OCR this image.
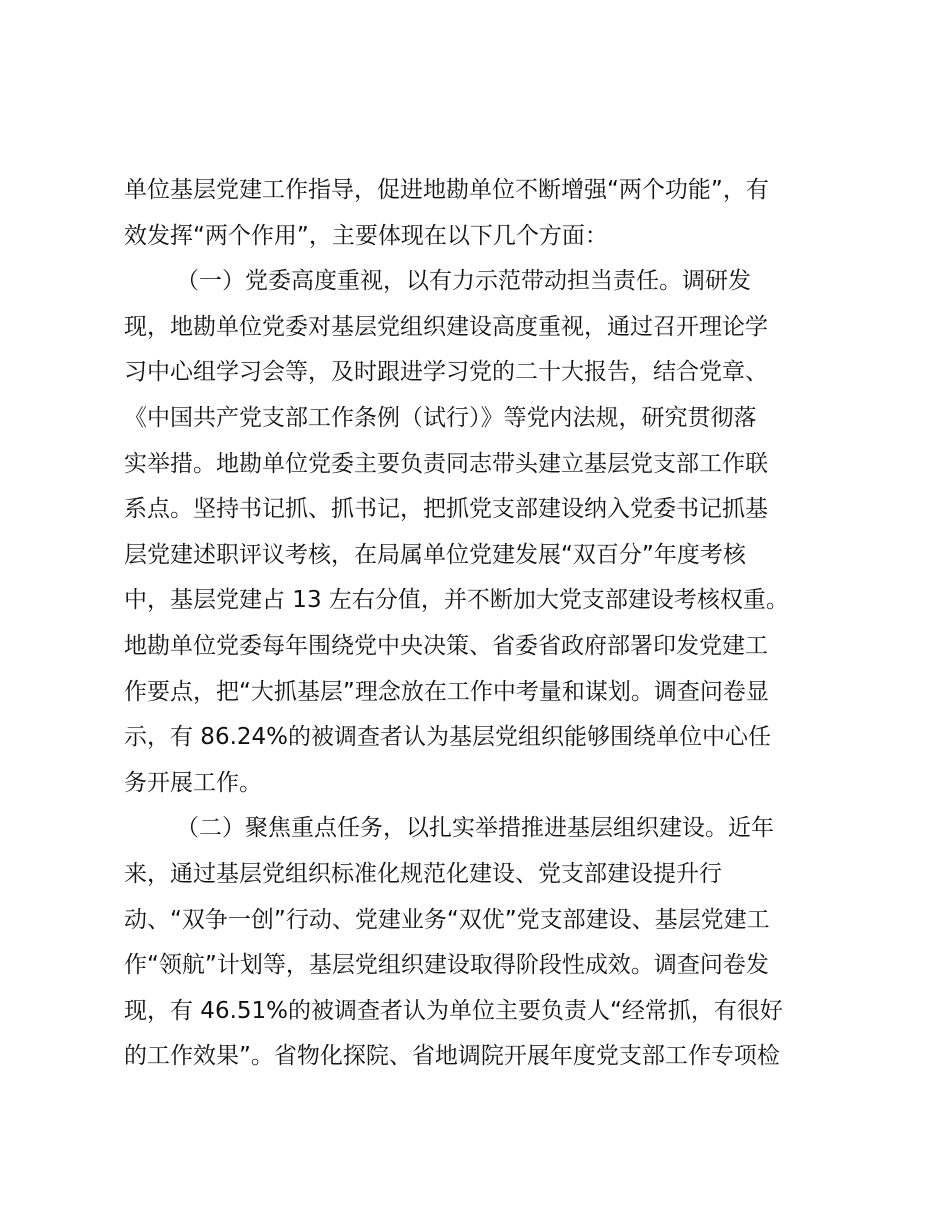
单位基层党建工作指导，促进地勘单位不断增强“两个功能”，有
效发挥“两个作用”，主要体现在以下几个方面：
（一）党委高度重视，以有力示范带动担当责任。调研发
现，地勘单位党委对基层党组织建设高度重视，通过召开理论学
习中心组学习会等，及时跟进学习党的二十大报告，结合党章、
《中国共产党支部工作条例（试行）》等党内法规，研究贯彻落
实举措。地勘单位党委主要负责同志带头建立基层党支部工作联
系点。坚持书记抓、抓书记，把抓党支部建设纳入党委书记抓基
层党建述职评议考核，在局属单位党建发展“双百分”年度考核
中，基层党建占 13 左右分值，并不断加大党支部建设考核权重。
地勘单位党委每年围绕党中央决策、省委省政府部署印发党建工
作要点，把“大抓基层”理念放在工作中考量和谋划。调查问卷显
示，有 86.24%的被调查者认为基层党组织能够围绕单位中心任
务开展工作。
（二）聚焦重点任务，以扎实举措推进基层组织建设。近年
来，通过基层党组织标准化规范化建设、党支部建设提升行
动、“双争一创”行动、党建业务“双优”党支部建设、基层党建工
作“领航”计划等，基层党组织建设取得阶段性成效。调查问卷发
现，有 46.51%的被调查者认为单位主要负责人“经常抓，有很好
的工作效果”。省物化探院、省地调院开展年度党支部工作专项检
